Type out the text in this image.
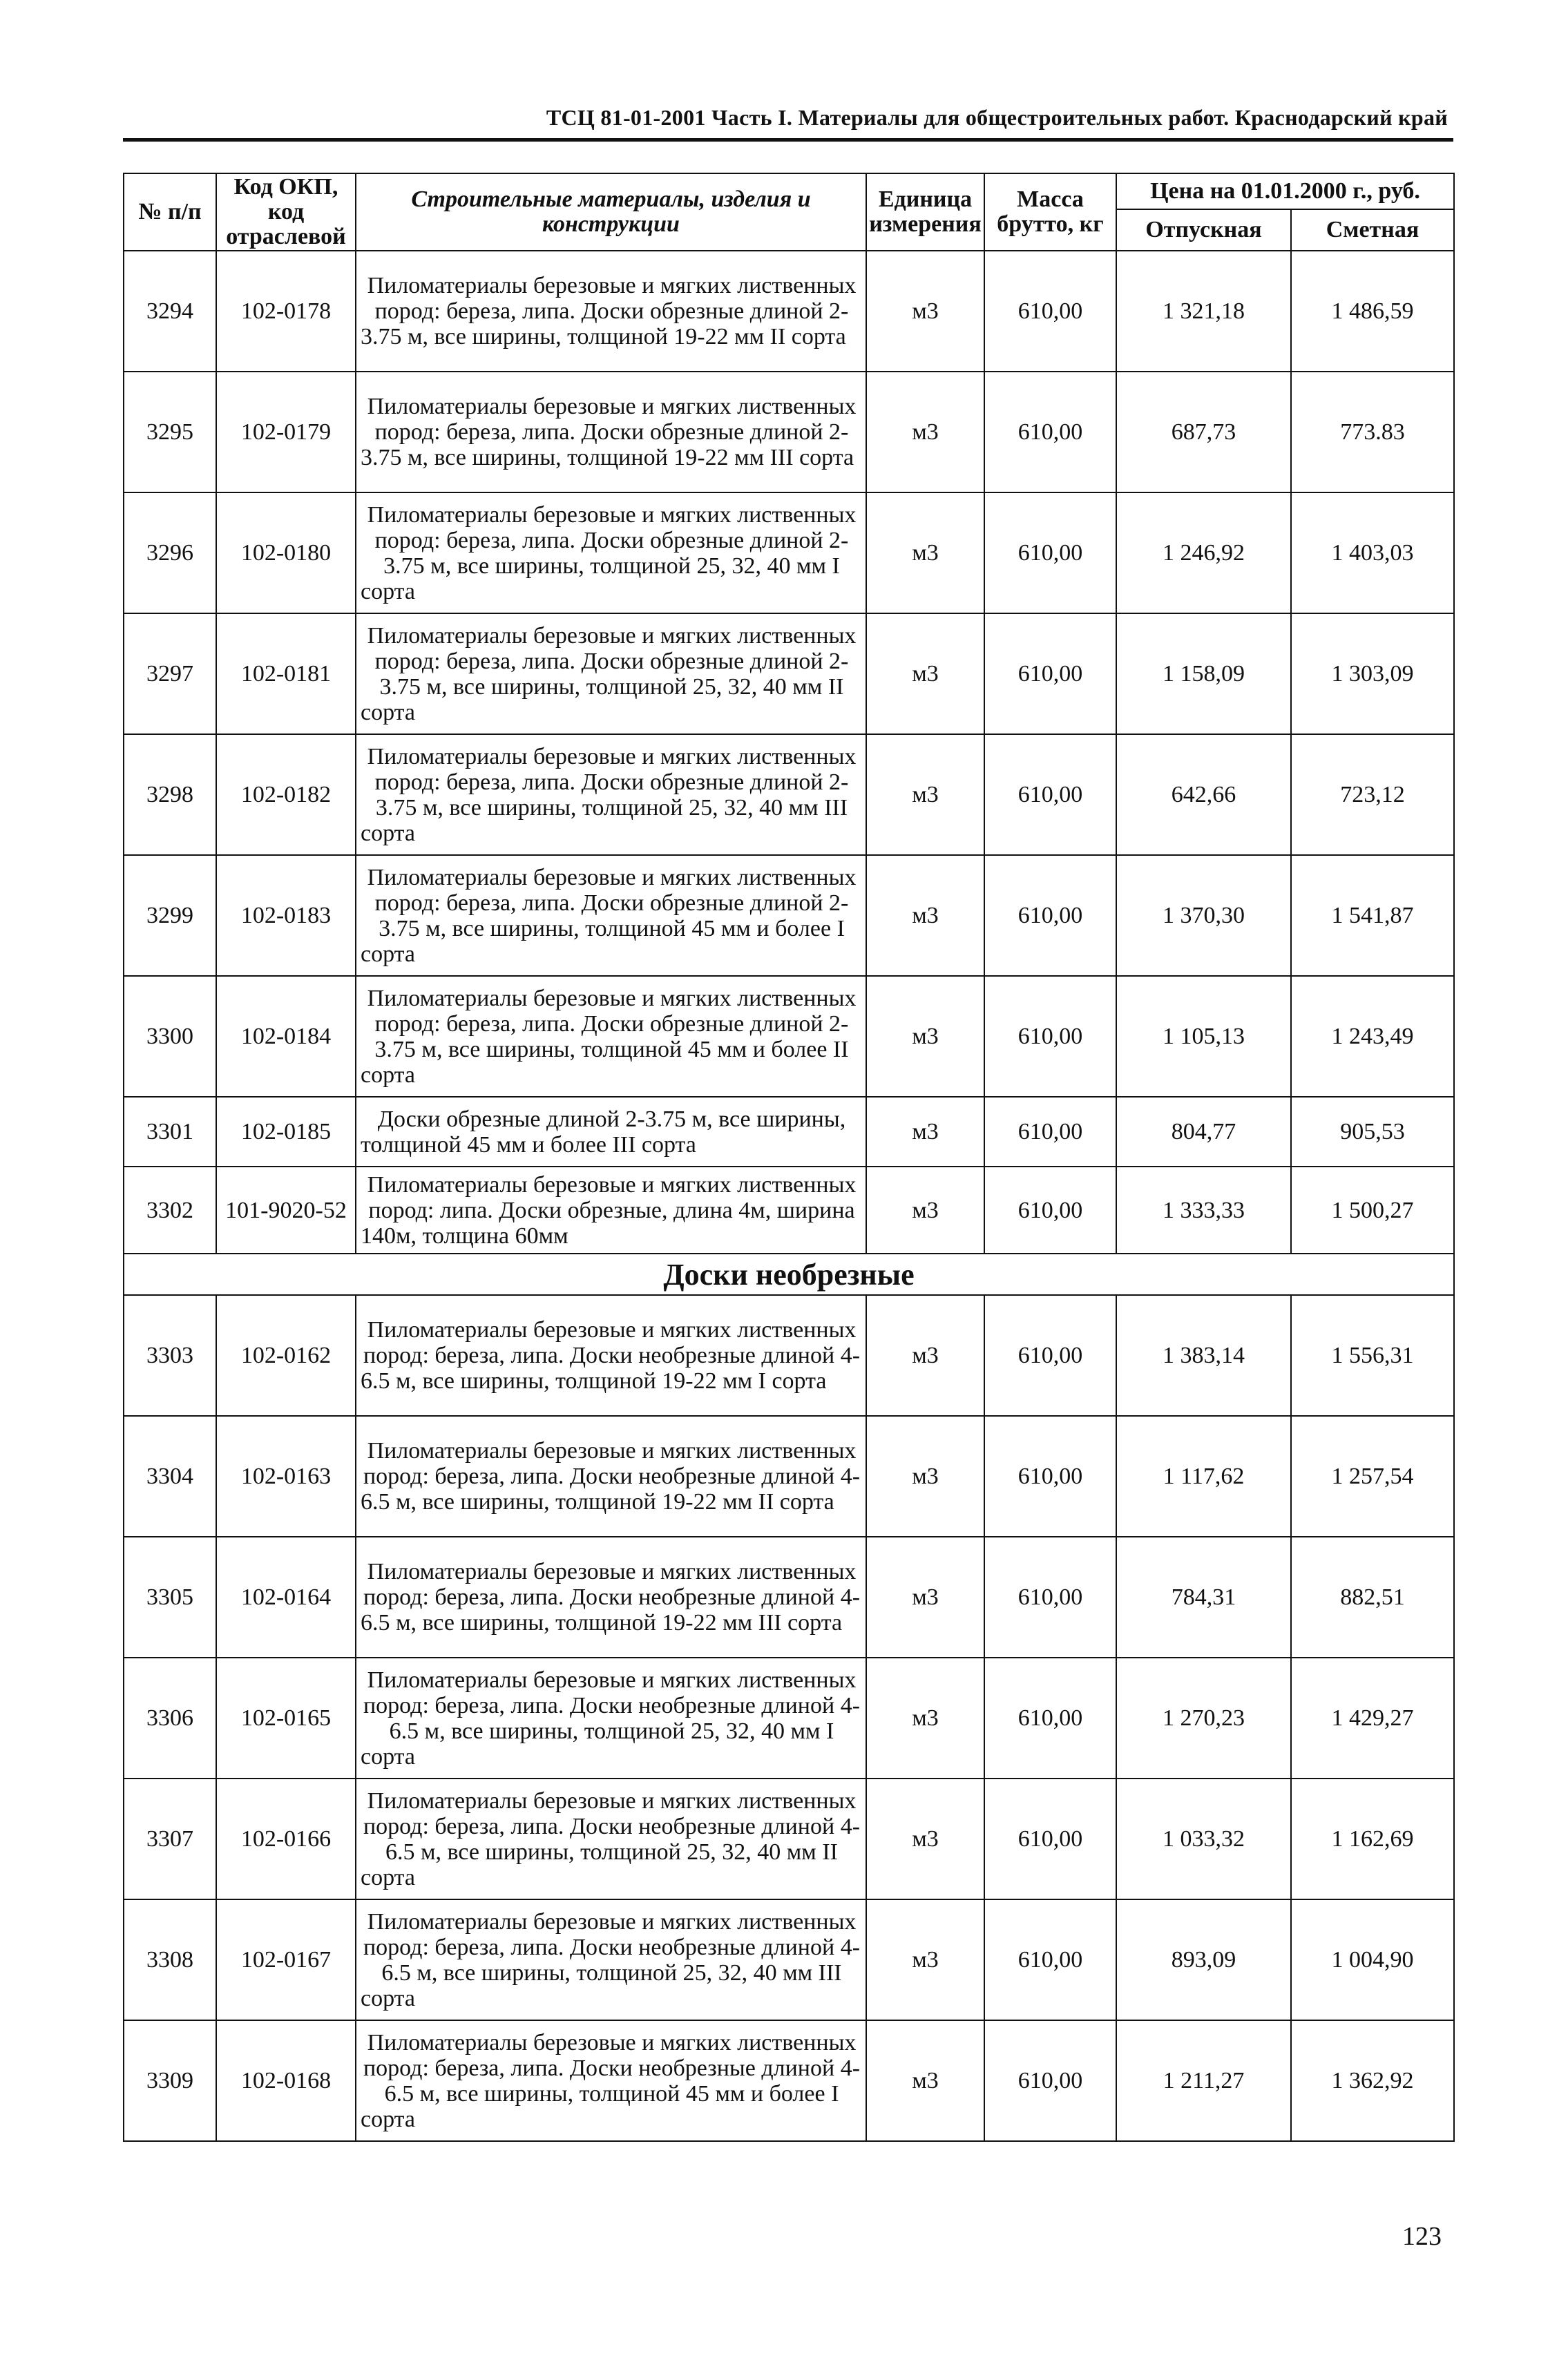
ТСЦ 81-01-2001 Часть I. Материалы для общестроительных работ. Краснодарский край
№ п/п	Код ОКП, код отраслевой	Строительные материалы, изделия и конструкции	Единица измерения	Масса брутто, кг	Цена на 01.01.2000 г., руб.	
					Отпускная	Сметная
3294	102-0178	Пиломатериалы березовые и мягких лиственных пород: береза, липа. Доски обрезные длиной 2-3.75 м, все ширины, толщиной 19-22 мм II сорта	м3	610,00	1 321,18	1 486,59
3295	102-0179	Пиломатериалы березовые и мягких лиственных пород: береза, липа. Доски обрезные длиной 2-3.75 м, все ширины, толщиной 19-22 мм III сорта	м3	610,00	687,73	773.83
3296	102-0180	Пиломатериалы березовые и мягких лиственных пород: береза, липа. Доски обрезные длиной 2-3.75 м, все ширины, толщиной 25, 32, 40 мм I сорта	м3	610,00	1 246,92	1 403,03
3297	102-0181	Пиломатериалы березовые и мягких лиственных пород: береза, липа. Доски обрезные длиной 2-3.75 м, все ширины, толщиной 25, 32, 40 мм II сорта	м3	610,00	1 158,09	1 303,09
3298	102-0182	Пиломатериалы березовые и мягких лиственных пород: береза, липа. Доски обрезные длиной 2-3.75 м, все ширины, толщиной 25, 32, 40 мм III сорта	м3	610,00	642,66	723,12
3299	102-0183	Пиломатериалы березовые и мягких лиственных пород: береза, липа. Доски обрезные длиной 2-3.75 м, все ширины, толщиной 45 мм и более I сорта	м3	610,00	1 370,30	1 541,87
3300	102-0184	Пиломатериалы березовые и мягких лиственных пород: береза, липа. Доски обрезные длиной 2-3.75 м, все ширины, толщиной 45 мм и более II сорта	м3	610,00	1 105,13	1 243,49
3301	102-0185	Доски обрезные длиной 2-3.75 м, все ширины, толщиной 45 мм и более III сорта	м3	610,00	804,77	905,53
3302	101-9020-52	Пиломатериалы березовые и мягких лиственных пород: липа. Доски обрезные, длина 4м, ширина 140м, толщина 60мм	м3	610,00	1 333,33	1 500,27
Доски необрезные						
3303	102-0162	Пиломатериалы березовые и мягких лиственных пород: береза, липа. Доски необрезные длиной 4-6.5 м, все ширины, толщиной 19-22 мм I сорта	м3	610,00	1 383,14	1 556,31
3304	102-0163	Пиломатериалы березовые и мягких лиственных пород: береза, липа. Доски необрезные длиной 4-6.5 м, все ширины, толщиной 19-22 мм II сорта	м3	610,00	1 117,62	1 257,54
3305	102-0164	Пиломатериалы березовые и мягких лиственных пород: береза, липа. Доски необрезные длиной 4-6.5 м, все ширины, толщиной 19-22 мм III сорта	м3	610,00	784,31	882,51
3306	102-0165	Пиломатериалы березовые и мягких лиственных пород: береза, липа. Доски необрезные длиной 4-6.5 м, все ширины, толщиной 25, 32, 40 мм I сорта	м3	610,00	1 270,23	1 429,27
3307	102-0166	Пиломатериалы березовые и мягких лиственных пород: береза, липа. Доски необрезные длиной 4-6.5 м, все ширины, толщиной 25, 32, 40 мм II сорта	м3	610,00	1 033,32	1 162,69
3308	102-0167	Пиломатериалы березовые и мягких лиственных пород: береза, липа. Доски необрезные длиной 4-6.5 м, все ширины, толщиной 25, 32, 40 мм III сорта	м3	610,00	893,09	1 004,90
3309	102-0168	Пиломатериалы березовые и мягких лиственных пород: береза, липа. Доски необрезные длиной 4-6.5 м, все ширины, толщиной 45 мм и более I сорта	м3	610,00	1 211,27	1 362,92
123
